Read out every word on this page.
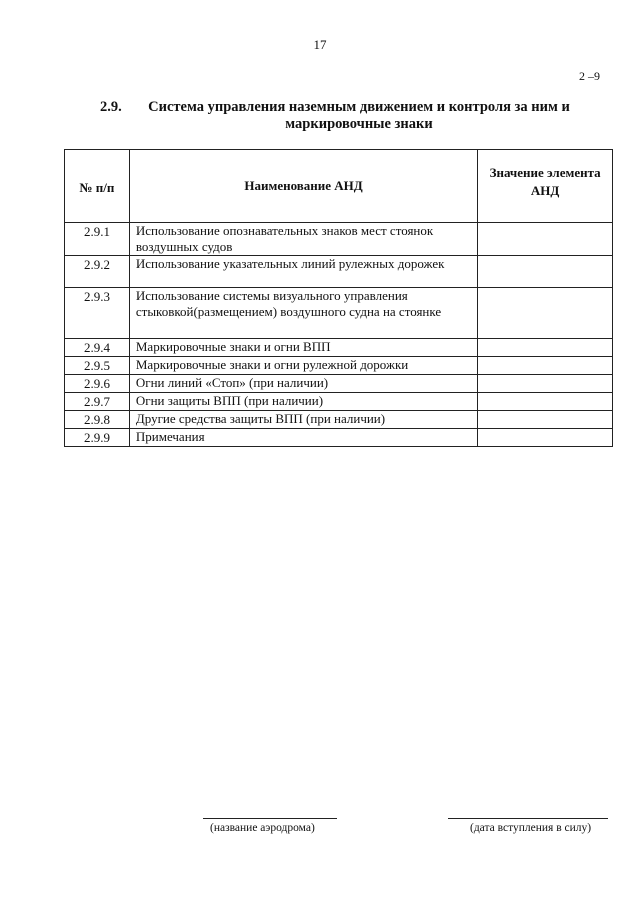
17
2 –9
2.9.	Система управления наземным движением и контроля за ним и маркировочные знаки
№ п/п	Наименование АНД	Значение элемента АНД
2.9.1	Использование опознавательных знаков мест стоянок воздушных судов	
2.9.2	Использование указательных линий рулежных дорожек	
2.9.3	Использование системы визуального управления стыковкой(размещением) воздушного судна на стоянке	
2.9.4	Маркировочные знаки и огни ВПП	
2.9.5	Маркировочные знаки и огни рулежной дорожки	
2.9.6	Огни линий «Стоп» (при наличии)	
2.9.7	Огни защиты ВПП (при наличии)	
2.9.8	Другие средства защиты ВПП (при наличии)	
2.9.9	Примечания	
(название аэродрома)	(дата вступления в силу)
